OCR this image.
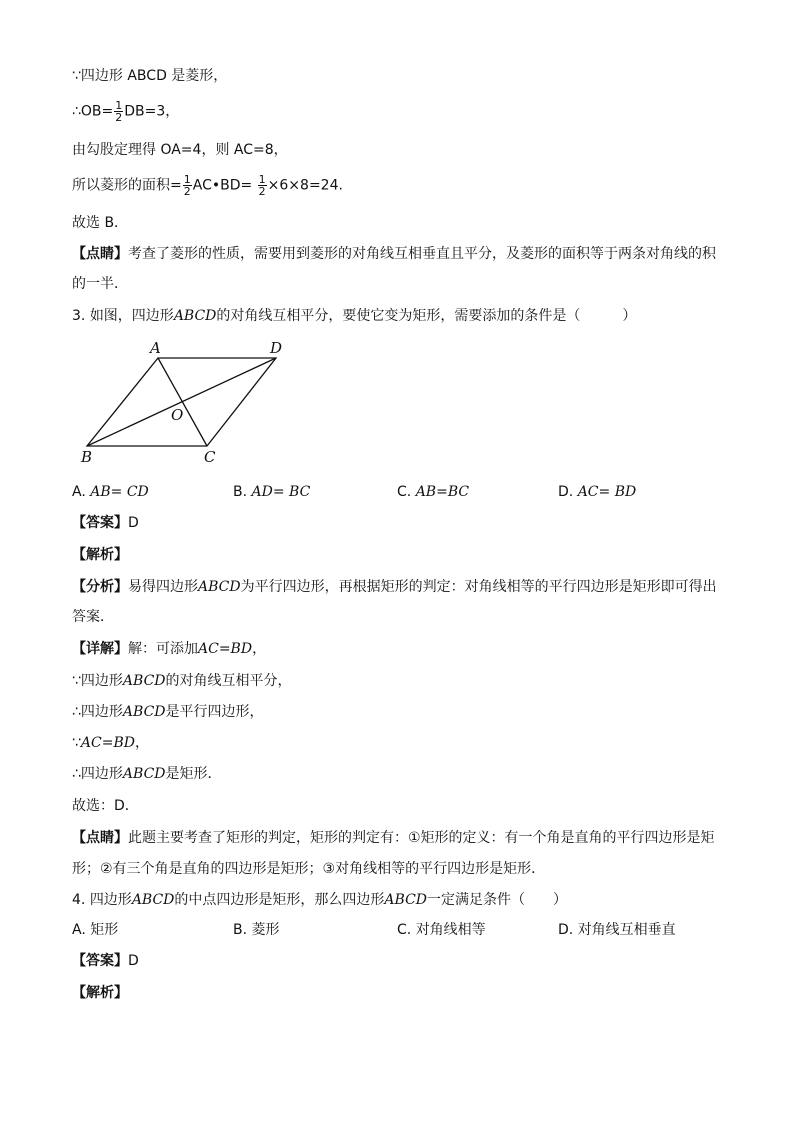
∵四边形 ABCD 是菱形，
∴OB= $\frac{1}{2} DB=3$，
由勾股定理得 OA=4，则 AC=8，
所以菱形的面积= $\frac{1}{2}$ AC•BD= $\frac{1}{2} \times 6\times 8=24$.
故选 B．
【点睛】考查了菱形的性质，需要用到菱形的对角线互相垂直且平分，及菱形的面积等于两条对角线的积
的一半．
3. 如图，四边形ABCD的对角线互相平分，要使它变为矩形，需要添加的条件是（　　　）
A	D
B	C
O
A. AB= CD	B. AD= BC	C. AB=BC	D. AC= BD
【答案】D
【解析】
【分析】易得四边形ABCD为平行四边形，再根据矩形的判定：对角线相等的平行四边形是矩形即可得出
答案．
【详解】解：可添加AC=BD，
∵四边形ABCD的对角线互相平分，
∴四边形ABCD是平行四边形，
∵AC=BD，
∴四边形ABCD是矩形．
故选：D．
【点睛】此题主要考查了矩形的判定，矩形的判定有：①矩形的定义：有一个角是直角的平行四边形是矩
形；②有三个角是直角的四边形是矩形；③对角线相等的平行四边形是矩形．
4. 四边形ABCD的中点四边形是矩形，那么四边形ABCD一定满足条件（　　）
A. 矩形	B. 菱形	C. 对角线相等	D. 对角线互相垂直
【答案】D
【解析】
